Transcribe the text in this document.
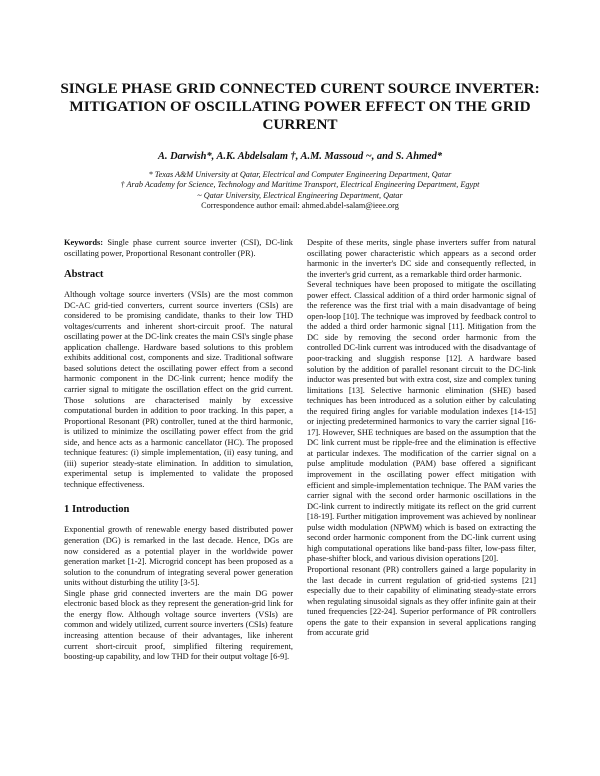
SINGLE PHASE GRID CONNECTED CURENT SOURCE INVERTER: MITIGATION OF OSCILLATING POWER EFFECT ON THE GRID CURRENT
A. Darwish*, A.K. Abdelsalam †, A.M. Massoud ~, and S. Ahmed*
* Texas A&M University at Qatar, Electrical and Computer Engineering Department, Qatar
† Arab Academy for Science, Technology and Maritime Transport, Electrical Engineering Department, Egypt
~ Qatar University, Electrical Engineering Department, Qatar
Correspondence author email: ahmed.abdel-salam@ieee.org

Keywords: Single phase current source inverter (CSI), DC-link oscillating power, Proportional Resonant controller (PR).

Abstract

Although voltage source inverters (VSIs) are the most common DC-AC grid-tied converters, current source inverters (CSIs) are considered to be promising candidate, thanks to their low THD voltages/currents and inherent short-circuit proof. The natural oscillating power at the DC-link creates the main CSI's single phase application challenge. Hardware based solutions to this problem exhibits additional cost, components and size. Traditional software based solutions detect the oscillating power effect from a second harmonic component in the DC-link current; hence modify the carrier signal to mitigate the oscillation effect on the grid current. Those solutions are characterised mainly by excessive computational burden in addition to poor tracking. In this paper, a Proportional Resonant (PR) controller, tuned at the third harmonic, is utilized to minimize the oscillating power effect from the grid side, and hence acts as a harmonic cancellator (HC). The proposed technique features: (i) simple implementation, (ii) easy tuning, and (iii) superior steady-state elimination. In addition to simulation, experimental setup is implemented to validate the proposed technique effectiveness.

1 Introduction

Exponential growth of renewable energy based distributed power generation (DG) is remarked in the last decade. Hence, DGs are now considered as a potential player in the worldwide power generation market [1-2]. Microgrid concept has been proposed as a solution to the conundrum of integrating several power generation units without disturbing the utility [3-5].

Single phase grid connected inverters are the main DG power electronic based block as they represent the generation-grid link for the energy flow. Although voltage source inverters (VSIs) are common and widely utilized, current source inverters (CSIs) feature increasing attention because of their advantages, like inherent current short-circuit proof, simplified filtering requirement, boosting-up capability, and low THD for their output voltage [6-9].

Despite of these merits, single phase inverters suffer from natural oscillating power characteristic which appears as a second order harmonic in the inverter's DC side and consequently reflected, in the inverter's grid current, as a remarkable third order harmonic.

Several techniques have been proposed to mitigate the oscillating power effect. Classical addition of a third order harmonic signal of the reference was the first trial with a main disadvantage of being open-loop [10]. The technique was improved by feedback control to the added a third order harmonic signal [11]. Mitigation from the DC side by removing the second order harmonic from the controlled DC-link current was introduced with the disadvantage of poor-tracking and sluggish response [12]. A hardware based solution by the addition of parallel resonant circuit to the DC-link inductor was presented but with extra cost, size and complex tuning limitations [13]. Selective harmonic elimination (SHE) based techniques has been introduced as a solution either by calculating the required firing angles for variable modulation indexes [14-15] or injecting predetermined harmonics to vary the carrier signal [16-17]. However, SHE techniques are based on the assumption that the DC link current must be ripple-free and the elimination is effective at particular indexes. The modification of the carrier signal on a pulse amplitude modulation (PAM) base offered a significant improvement in the oscillating power effect mitigation with efficient and simple-implementation technique. The PAM varies the carrier signal with the second order harmonic oscillations in the DC-link current to indirectly mitigate its reflect on the grid current [18-19]. Further mitigation improvement was achieved by nonlinear pulse width modulation (NPWM) which is based on extracting the second order harmonic component from the DC-link current using high computational operations like band-pass filter, low-pass filter, phase-shifter block, and various division operations [20].

Proportional resonant (PR) controllers gained a large popularity in the last decade in current regulation of grid-tied systems [21] especially due to their capability of eliminating steady-state errors when regulating sinusoidal signals as they offer infinite gain at their tuned frequencies [22-24]. Superior performance of PR controllers opens the gate to their expansion in several applications ranging from accurate grid
